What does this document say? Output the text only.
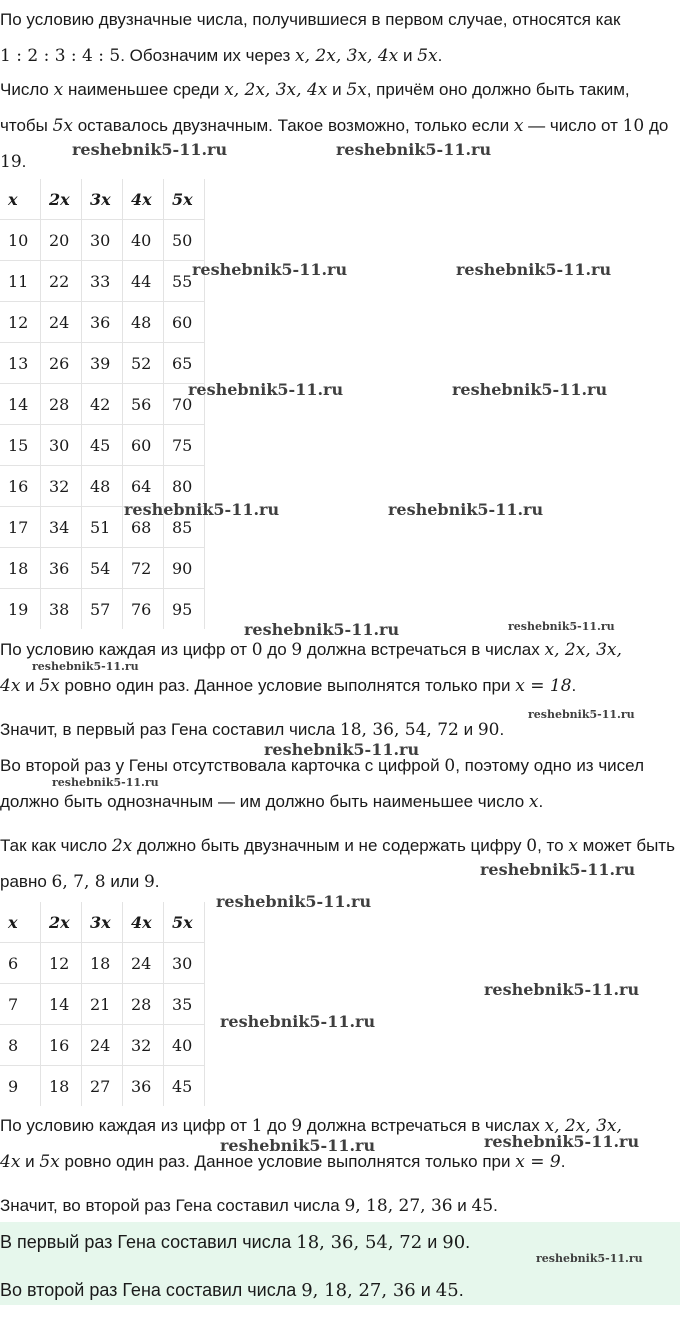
По условию двузначные числа, получившиеся в первом случае, относятся как
1 : 2 : 3 : 4 : 5. Обозначим их через x, 2x, 3x, 4x и 5x.
Число x наименьшее среди x, 2x, 3x, 4x и 5x, причём оно должно быть таким, чтобы 5x оставалось двузначным. Такое возможно, только если x — число от 10 до 19.
x	2x	3x	4x	5x
10	20	30	40	50
11	22	33	44	55
12	24	36	48	60
13	26	39	52	65
14	28	42	56	70
15	30	45	60	75
16	32	48	64	80
17	34	51	68	85
18	36	54	72	90
19	38	57	76	95
По условию каждая из цифр от 0 до 9 должна встречаться в числах x, 2x, 3x,
4x и 5x ровно один раз. Данное условие выполнятся только при x = 18.
Значит, в первый раз Гена составил числа 18, 36, 54, 72 и 90.
Во второй раз у Гены отсутствовала карточка с цифрой 0, поэтому одно из чисел должно быть однозначным — им должно быть наименьшее число x.
Так как число 2x должно быть двузначным и не содержать цифру 0, то x может быть равно 6, 7, 8 или 9.
x	2x	3x	4x	5x
6	12	18	24	30
7	14	21	28	35
8	16	24	32	40
9	18	27	36	45
По условию каждая из цифр от 1 до 9 должна встречаться в числах x, 2x, 3x,
4x и 5x ровно один раз. Данное условие выполнятся только при x = 9.
Значит, во второй раз Гена составил числа 9, 18, 27, 36 и 45.
В первый раз Гена составил числа 18, 36, 54, 72 и 90.
Во второй раз Гена составил числа 9, 18, 27, 36 и 45.
reshebnik5-11.ru	reshebnik5-11.ru
reshebnik5-11.ru	reshebnik5-11.ru
reshebnik5-11.ru	reshebnik5-11.ru
reshebnik5-11.ru	reshebnik5-11.ru
reshebnik5-11.ru	reshebnik5-11.ru
reshebnik5-11.ru
reshebnik5-11.ru
reshebnik5-11.ru
reshebnik5-11.ru
reshebnik5-11.ru
reshebnik5-11.ru
reshebnik5-11.ru
reshebnik5-11.ru
reshebnik5-11.ru	reshebnik5-11.ru
reshebnik5-11.ru
